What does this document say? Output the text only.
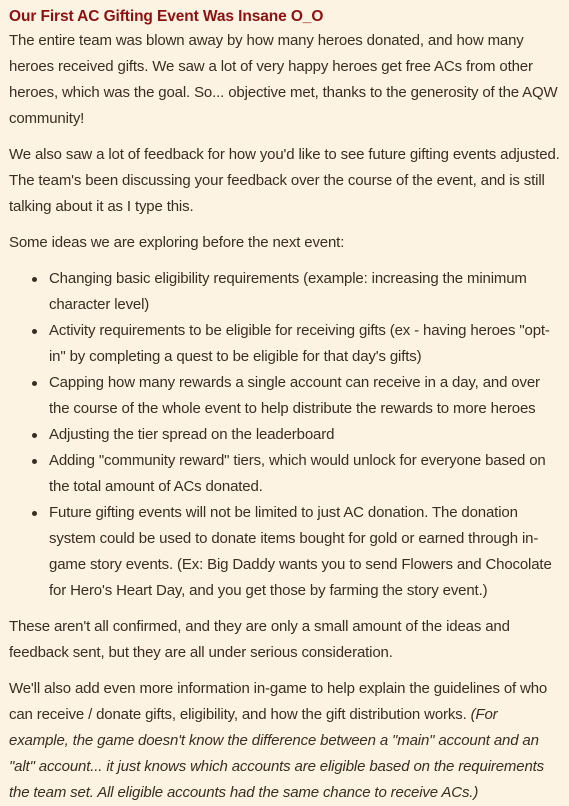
Our First AC Gifting Event Was Insane O_O

The entire team was blown away by how many heroes donated, and how many heroes received gifts. We saw a lot of very happy heroes get free ACs from other heroes, which was the goal. So... objective met, thanks to the generosity of the AQW community!

We also saw a lot of feedback for how you'd like to see future gifting events adjusted. The team's been discussing your feedback over the course of the event, and is still talking about it as I type this.

Some ideas we are exploring before the next event:

Changing basic eligibility requirements (example: increasing the minimum character level)
Activity requirements to be eligible for receiving gifts (ex - having heroes "opt-in" by completing a quest to be eligible for that day's gifts)
Capping how many rewards a single account can receive in a day, and over the course of the whole event to help distribute the rewards to more heroes
Adjusting the tier spread on the leaderboard
Adding "community reward" tiers, which would unlock for everyone based on the total amount of ACs donated.
Future gifting events will not be limited to just AC donation. The donation system could be used to donate items bought for gold or earned through in-game story events. (Ex: Big Daddy wants you to send Flowers and Chocolate for Hero's Heart Day, and you get those by farming the story event.)

These aren't all confirmed, and they are only a small amount of the ideas and feedback sent, but they are all under serious consideration.

We'll also add even more information in-game to help explain the guidelines of who can receive / donate gifts, eligibility, and how the gift distribution works. (For example, the game doesn't know the difference between a "main" account and an "alt" account... it just knows which accounts are eligible based on the requirements the team set. All eligible accounts had the same chance to receive ACs.)
